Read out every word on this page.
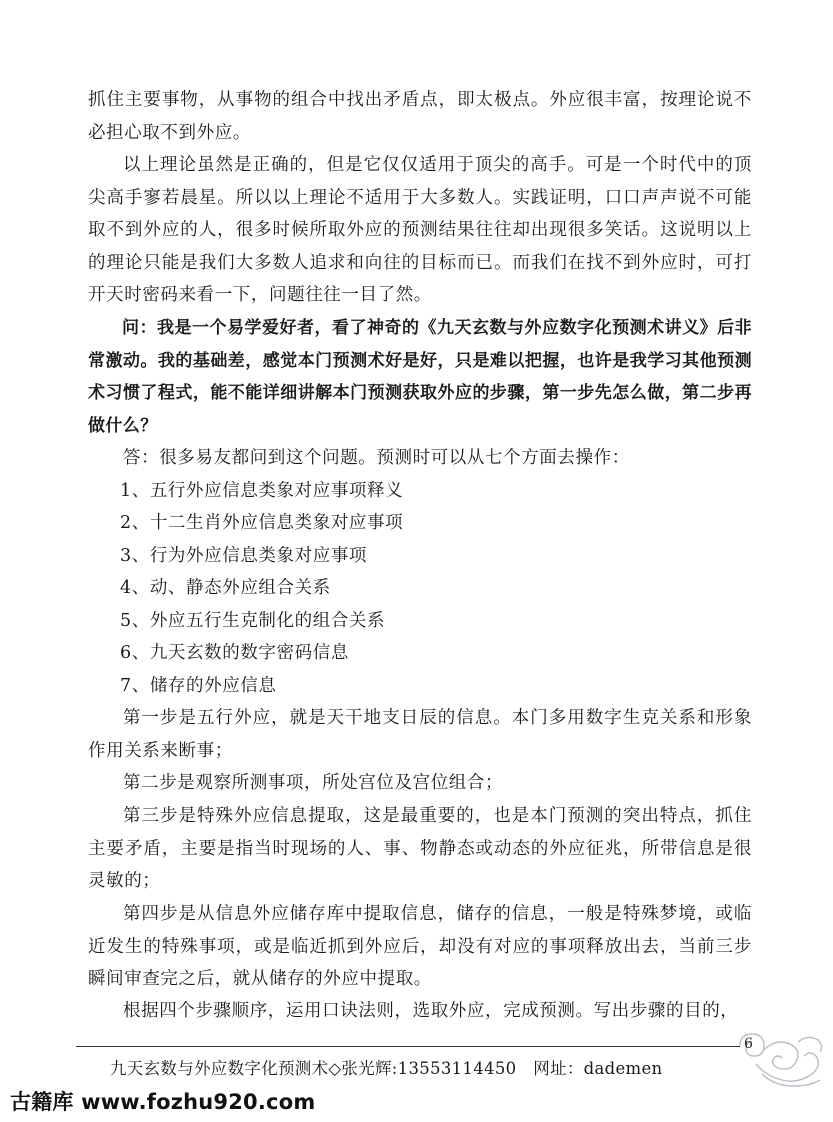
抓住主要事物，从事物的组合中找出矛盾点，即太极点。外应很丰富，按理论说不必担心取不到外应。

以上理论虽然是正确的，但是它仅仅适用于顶尖的高手。可是一个时代中的顶尖高手寥若晨星。所以以上理论不适用于大多数人。实践证明，口口声声说不可能取不到外应的人，很多时候所取外应的预测结果往往却出现很多笑话。这说明以上的理论只能是我们大多数人追求和向往的目标而已。而我们在找不到外应时，可打开天时密码来看一下，问题往往一目了然。

问：我是一个易学爱好者，看了神奇的《九天玄数与外应数字化预测术讲义》后非常激动。我的基础差，感觉本门预测术好是好，只是难以把握，也许是我学习其他预测术习惯了程式，能不能详细讲解本门预测获取外应的步骤，第一步先怎么做，第二步再做什么？

答：很多易友都问到这个问题。预测时可以从七个方面去操作：

1、五行外应信息类象对应事项释义

2、十二生肖外应信息类象对应事项

3、行为外应信息类象对应事项

4、动、静态外应组合关系

5、外应五行生克制化的组合关系

6、九天玄数的数字密码信息

7、储存的外应信息

第一步是五行外应，就是天干地支日辰的信息。本门多用数字生克关系和形象作用关系来断事；

第二步是观察所测事项，所处宫位及宫位组合；

第三步是特殊外应信息提取，这是最重要的，也是本门预测的突出特点，抓住主要矛盾，主要是指当时现场的人、事、物静态或动态的外应征兆，所带信息是很灵敏的；

第四步是从信息外应储存库中提取信息，储存的信息，一般是特殊梦境，或临近发生的特殊事项，或是临近抓到外应后，却没有对应的事项释放出去，当前三步瞬间审查完之后，就从储存的外应中提取。

根据四个步骤顺序，运用口诀法则，选取外应，完成预测。写出步骤的目的，

6
九天玄数与外应数字化预测术◇张光辉:13553114450　网址：dademen
古籍库 www.fozhu920.com
